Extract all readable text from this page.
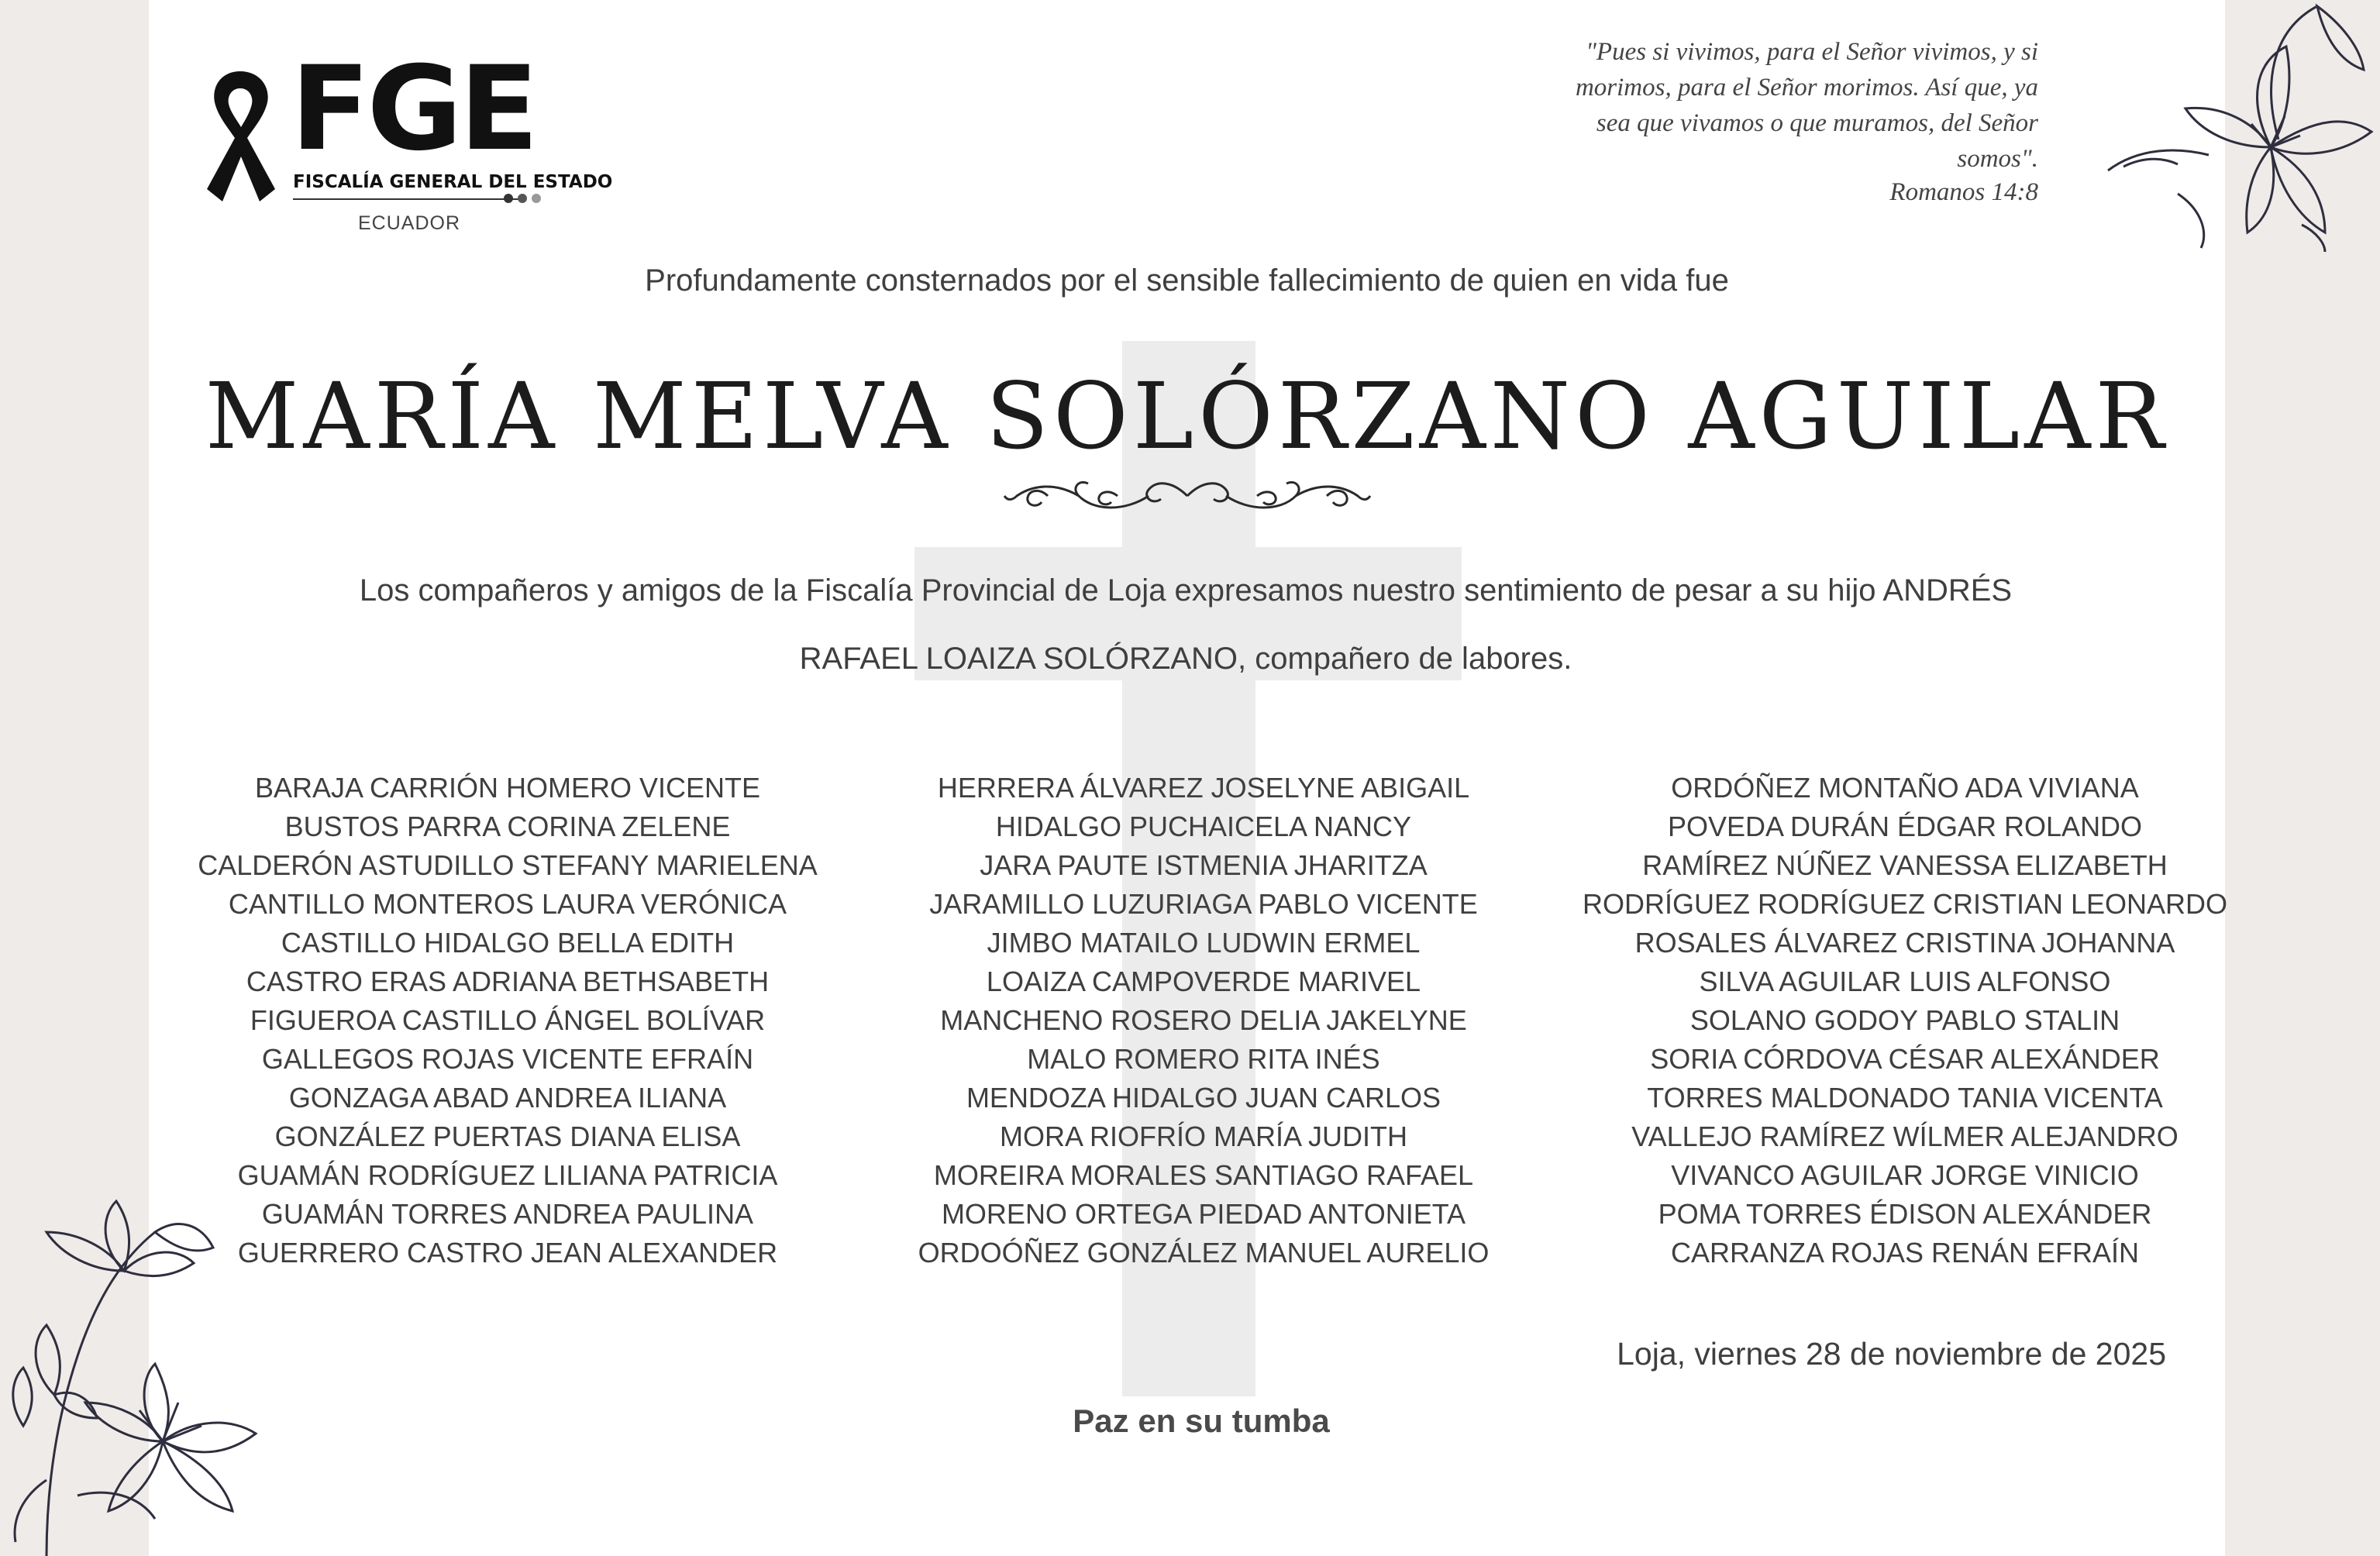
FGE
FISCALÍA GENERAL DEL ESTADO
ECUADOR
"Pues si vivimos, para el Señor vivimos, y si
morimos, para el Señor morimos. Así que, ya
sea que vivamos o que muramos, del Señor
somos".
Romanos 14:8
Profundamente consternados por el sensible fallecimiento de quien en vida fue
MARÍA MELVA SOLÓRZANO AGUILAR
Los compañeros y amigos de la Fiscalía Provincial de Loja expresamos nuestro sentimiento de pesar a su hijo ANDRÉS
RAFAEL LOAIZA SOLÓRZANO, compañero de labores.
BARAJA CARRIÓN HOMERO VICENTE
BUSTOS PARRA CORINA ZELENE
CALDERÓN ASTUDILLO STEFANY MARIELENA
CANTILLO MONTEROS LAURA VERÓNICA
CASTILLO HIDALGO BELLA EDITH
CASTRO ERAS ADRIANA BETHSABETH
FIGUEROA CASTILLO ÁNGEL BOLÍVAR
GALLEGOS ROJAS VICENTE EFRAÍN
GONZAGA ABAD ANDREA ILIANA
GONZÁLEZ PUERTAS DIANA ELISA
GUAMÁN RODRÍGUEZ LILIANA PATRICIA
GUAMÁN TORRES ANDREA PAULINA
GUERRERO CASTRO JEAN ALEXANDER
HERRERA ÁLVAREZ JOSELYNE ABIGAIL
HIDALGO PUCHAICELA NANCY
JARA PAUTE ISTMENIA JHARITZA
JARAMILLO LUZURIAGA PABLO VICENTE
JIMBO MATAILO LUDWIN ERMEL
LOAIZA CAMPOVERDE MARIVEL
MANCHENO ROSERO DELIA JAKELYNE
MALO ROMERO RITA INÉS
MENDOZA HIDALGO JUAN CARLOS
MORA RIOFRÍO MARÍA JUDITH
MOREIRA MORALES SANTIAGO RAFAEL
MORENO ORTEGA PIEDAD ANTONIETA
ORDOÓÑEZ GONZÁLEZ MANUEL AURELIO
ORDÓÑEZ MONTAÑO ADA VIVIANA
POVEDA DURÁN ÉDGAR ROLANDO
RAMÍREZ NÚÑEZ VANESSA ELIZABETH
RODRÍGUEZ RODRÍGUEZ CRISTIAN LEONARDO
ROSALES ÁLVAREZ CRISTINA JOHANNA
SILVA AGUILAR LUIS ALFONSO
SOLANO GODOY PABLO STALIN
SORIA CÓRDOVA CÉSAR ALEXÁNDER
TORRES MALDONADO TANIA VICENTA
VALLEJO RAMÍREZ WÍLMER ALEJANDRO
VIVANCO AGUILAR JORGE VINICIO
POMA TORRES ÉDISON ALEXÁNDER
CARRANZA ROJAS RENÁN EFRAÍN
Loja, viernes 28 de noviembre de 2025
Paz en su tumba
